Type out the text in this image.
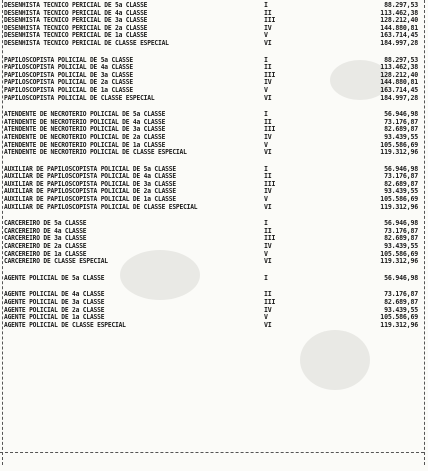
DESENHISTA TECNICO PERICIAL DE 5a CLASSE	I	88.297,53
DESENHISTA TECNICO PERICIAL DE 4a CLASSE	II	113.462,38
DESENHISTA TECNICO PERICIAL DE 3a CLASSE	III	128.212,40
DESENHISTA TECNICO PERICIAL DE 2a CLASSE	IV	144.880,81
DESENHISTA TECNICO PERICIAL DE 1a CLASSE	V	163.714,45
DESENHISTA TECNICO PERICIAL DE CLASSE ESPECIAL	VI	184.997,28
PAPILOSCOPISTA POLICIAL DE 5a CLASSE	I	88.297,53
PAPILOSCOPISTA POLICIAL DE 4a CLASSE	II	113.462,38
PAPILOSCOPISTA POLICIAL DE 3a CLASSE	III	128.212,40
PAPILOSCOPISTA POLICIAL DE 2a CLASSE	IV	144.880,81
PAPILOSCOPISTA POLICIAL DE 1a CLASSE	V	163.714,45
PAPILOSCOPISTA POLICIAL DE CLASSE ESPECIAL	VI	184.997,28
ATENDENTE DE NECROTERIO POLICIAL DE 5a CLASSE	I	56.946,98
ATENDENTE DE NECROTERIO POLICIAL DE 4a CLASSE	II	73.176,87
ATENDENTE DE NECROTERIO POLICIAL DE 3a CLASSE	III	82.689,87
ATENDENTE DE NECROTERIO POLICIAL DE 2a CLASSE	IV	93.439,55
ATENDENTE DE NECROTERIO POLICIAL DE 1a CLASSE	V	105.586,69
ATENDENTE DE NECROTERIO POLICIAL DE CLASSE ESPECIAL	VI	119.312,96
AUXILIAR DE PAPILOSCOPISTA POLICIAL DE 5a CLASSE	I	56.946,98
AUXILIAR DE PAPILOSCOPISTA POLICIAL DE 4a CLASSE	II	73.176,87
AUXILIAR DE PAPILOSCOPISTA POLICIAL DE 3a CLASSE	III	82.689,87
AUXILIAR DE PAPILOSCOPISTA POLICIAL DE 2a CLASSE	IV	93.439,55
AUXILIAR DE PAPILOSCOPISTA POLICIAL DE 1a CLASSE	V	105.586,69
AUXILIAR DE PAPILOSCOPISTA POLICIAL DE CLASSE ESPECIAL	VI	119.312,96
CARCEREIRO DE 5a CLASSE	I	56.946,98
CARCEREIRO DE 4a CLASSE	II	73.176,87
CARCEREIRO DE 3a CLASSE	III	82.689,87
CARCEREIRO DE 2a CLASSE	IV	93.439,55
CARCEREIRO DE 1a CLASSE	V	105.586,69
CARCEREIRO DE CLASSE ESPECIAL	VI	119.312,96
AGENTE POLICIAL DE 5a CLASSE	I	56.946,98
AGENTE POLICIAL DE 4a CLASSE	II	73.176,87
AGENTE POLICIAL DE 3a CLASSE	III	82.689,87
AGENTE POLICIAL DE 2a CLASSE	IV	93.439,55
AGENTE POLICIAL DE 1a CLASSE	V	105.586,69
AGENTE POLICIAL DE CLASSE ESPECIAL	VI	119.312,96
